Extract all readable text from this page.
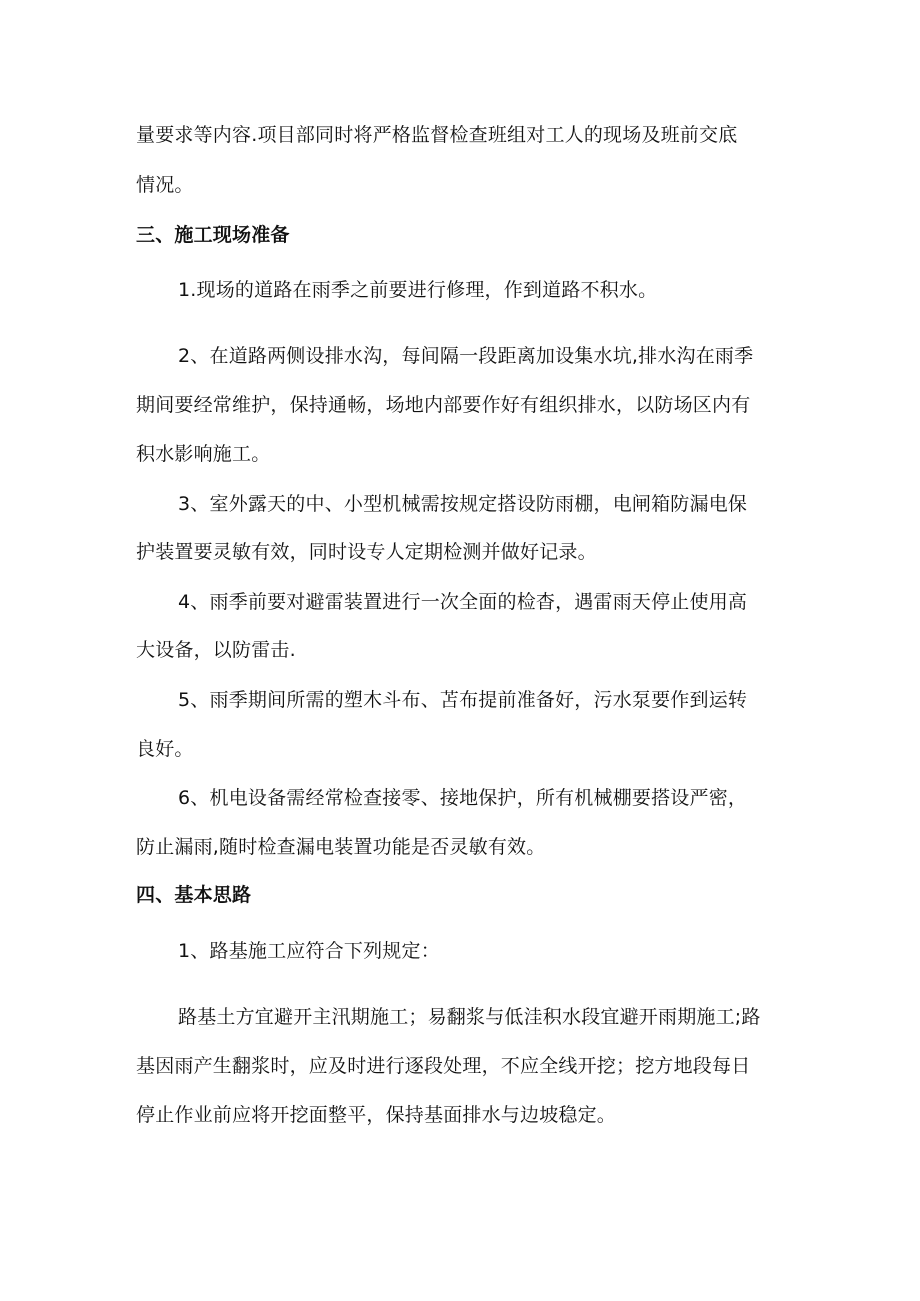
量要求等内容.项目部同时将严格监督检查班组对工人的现场及班前交底
情况。
三、施工现场准备
1.现场的道路在雨季之前要进行修理，作到道路不积水。
2、在道路两侧设排水沟，每间隔一段距离加设集水坑,排水沟在雨季
期间要经常维护，保持通畅，场地内部要作好有组织排水，以防场区内有
积水影响施工。
3、室外露天的中、小型机械需按规定搭设防雨棚，电闸箱防漏电保
护装置要灵敏有效，同时设专人定期检测并做好记录。
4、雨季前要对避雷装置进行一次全面的检杳，遇雷雨天停止使用高
大设备，以防雷击.
5、雨季期间所需的塑木斗布、苫布提前准备好，污水泵要作到运转
良好。
6、机电设备需经常检查接零、接地保护，所有机械棚要搭设严密，
防止漏雨,随时检查漏电装置功能是否灵敏有效。
四、基本思路
1、路基施工应符合下列规定：
路基土方宜避开主汛期施工；易翻浆与低洼积水段宜避开雨期施工;路
基因雨产生翻浆时，应及时进行逐段处理，不应全线开挖；挖方地段每日
停止作业前应将开挖面整平，保持基面排水与边坡稳定。
